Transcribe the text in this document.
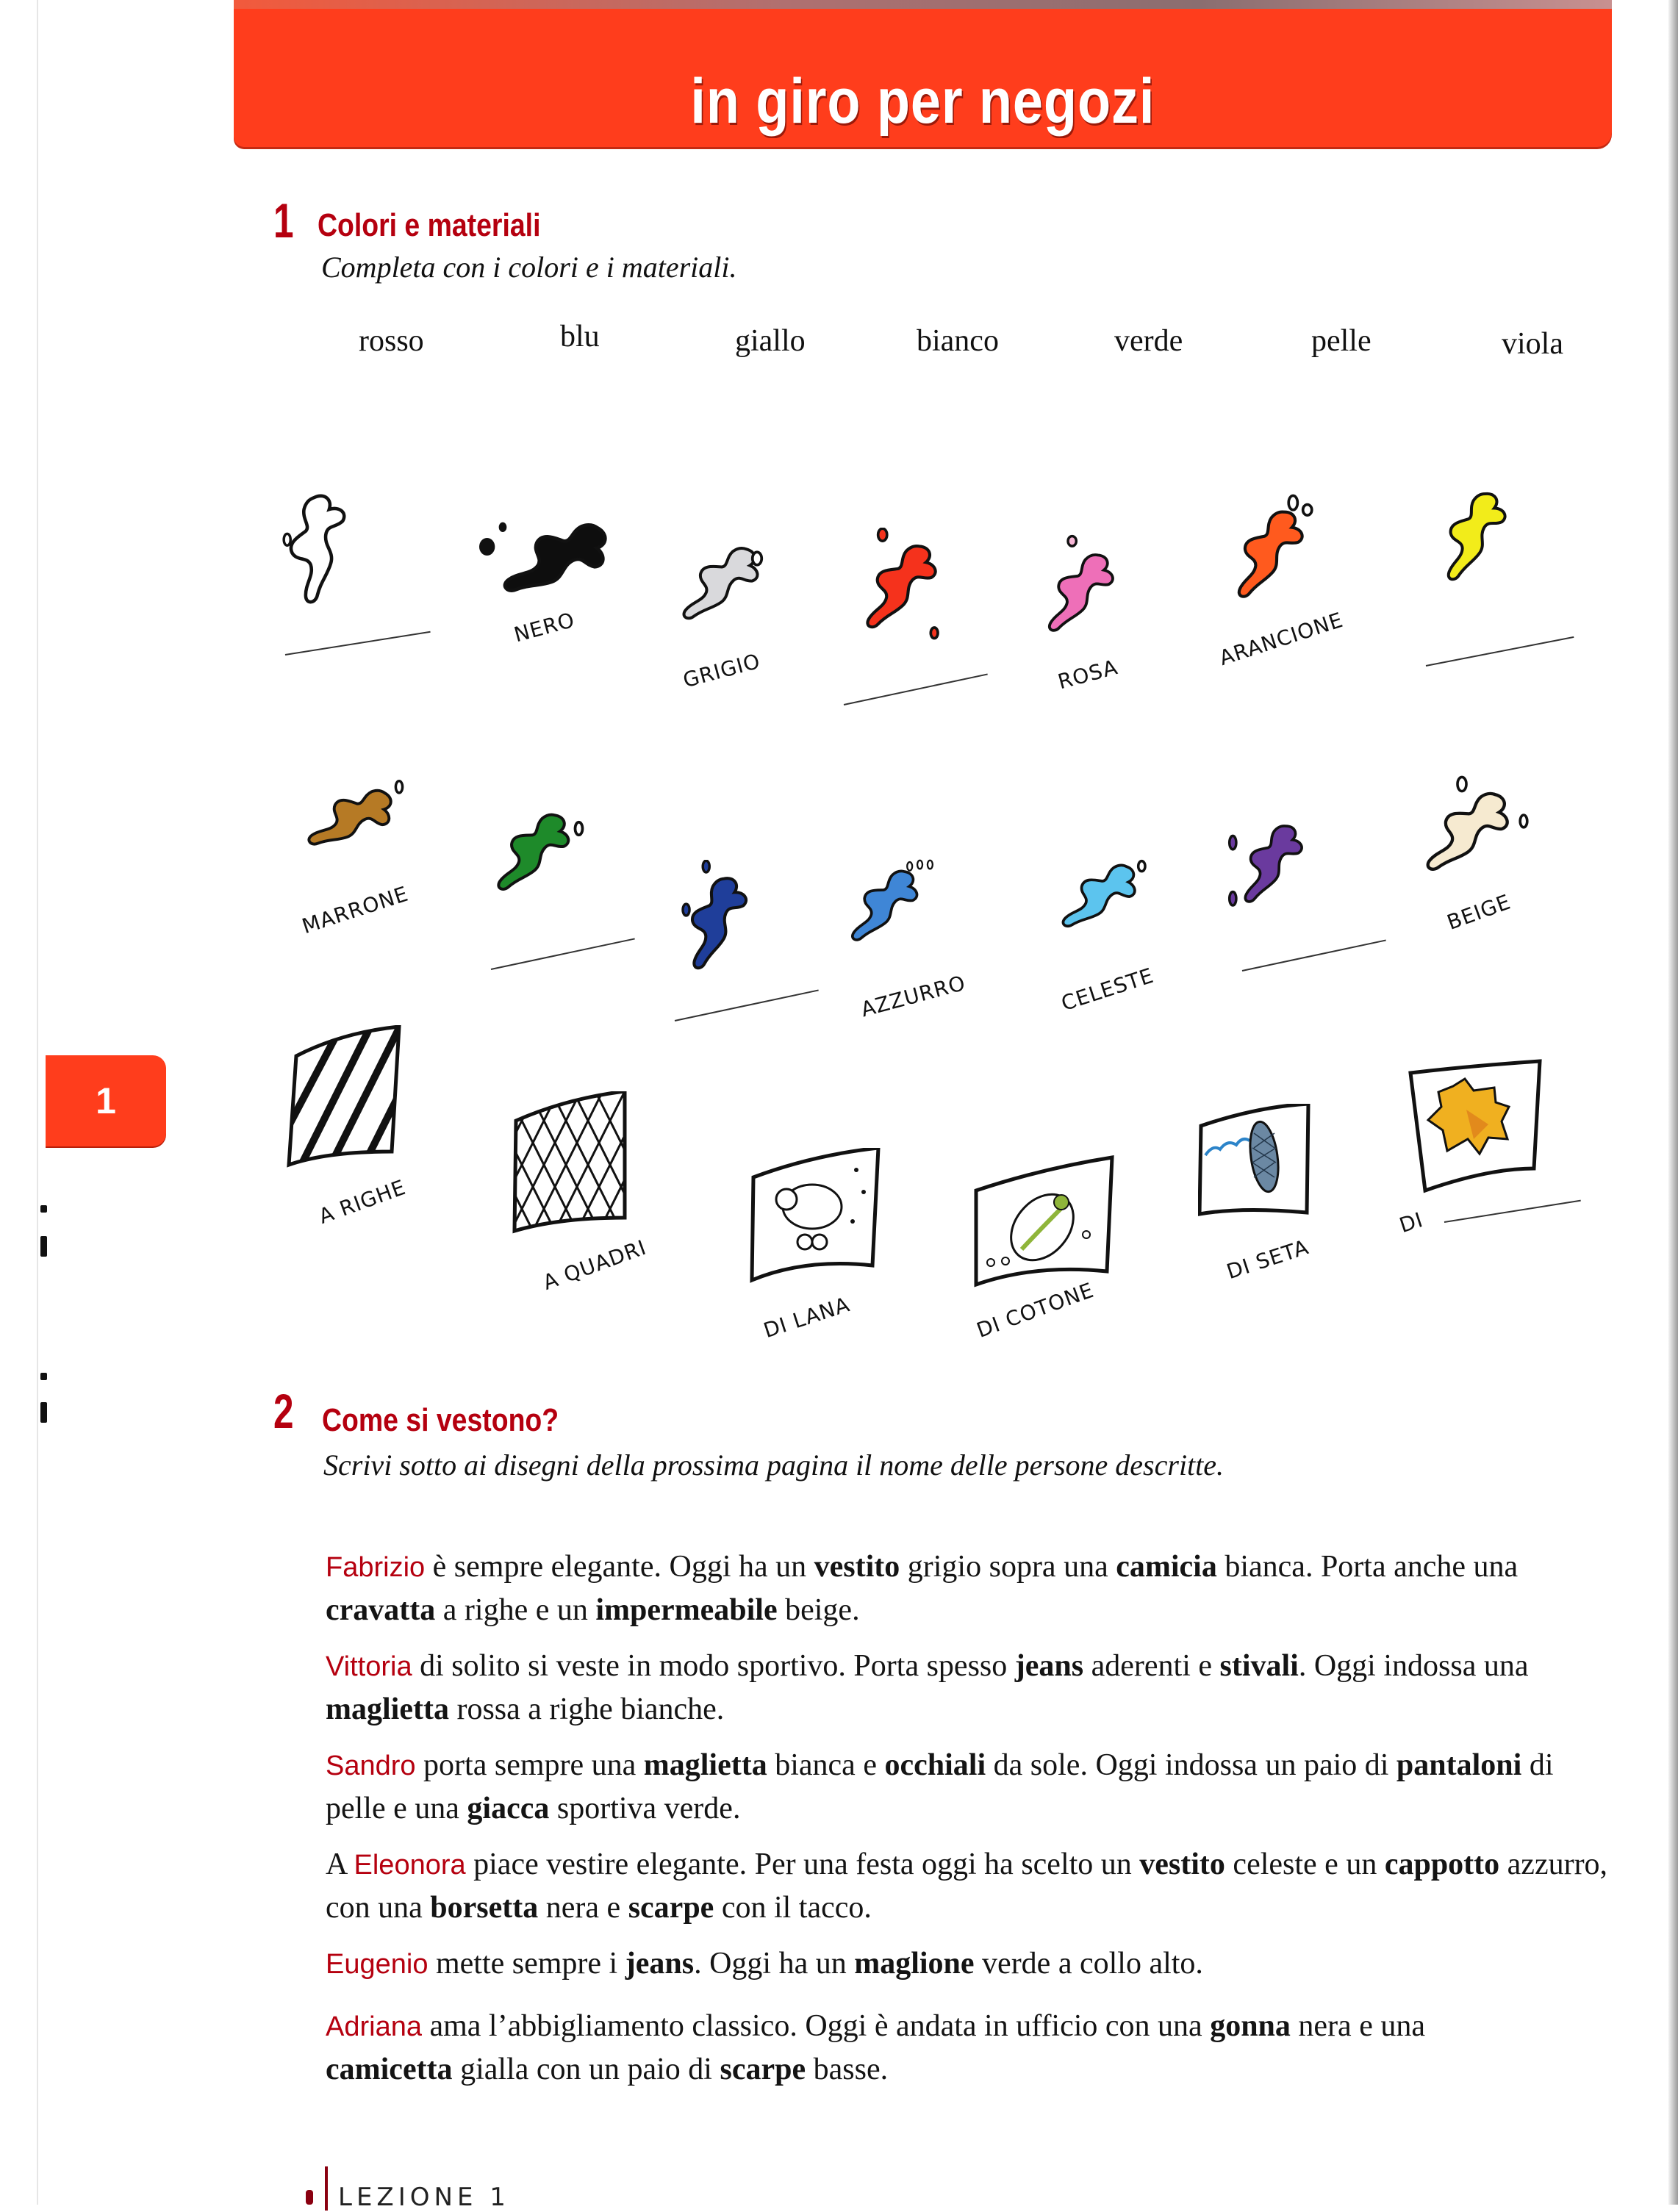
in giro per negozi
1 Colori e materiali
Completa con i colori e i materiali.
rosso	blu	giallo	bianco	verde	pelle	viola
NERO
GRIGIO	ROSA
ARANCIONE
MARRONE
AZZURRO	CELESTE
BEIGE
A RIGHE
A QUADRI
DI LANA	DI COTONE
DI SETA
DI
1
2 Come si vestono?
Scrivi sotto ai disegni della prossima pagina il nome delle persone descritte.
Fabrizio è sempre elegante. Oggi ha un vestito grigio sopra una camicia bianca. Porta anche una cravatta a righe e un impermeabile beige.
Vittoria di solito si veste in modo sportivo. Porta spesso jeans aderenti e stivali. Oggi indossa una maglietta rossa a righe bianche.
Sandro porta sempre una maglietta bianca e occhiali da sole. Oggi indossa un paio di pantaloni di pelle e una giacca sportiva verde.
A Eleonora piace vestire elegante. Per una festa oggi ha scelto un vestito celeste e un cappotto azzurro, con una borsetta nera e scarpe con il tacco.
Eugenio mette sempre i jeans. Oggi ha un maglione verde a collo alto.
Adriana ama l’abbigliamento classico. Oggi è andata in ufficio con una gonna nera e una camicetta gialla con un paio di scarpe basse.
LEZIONE 1
